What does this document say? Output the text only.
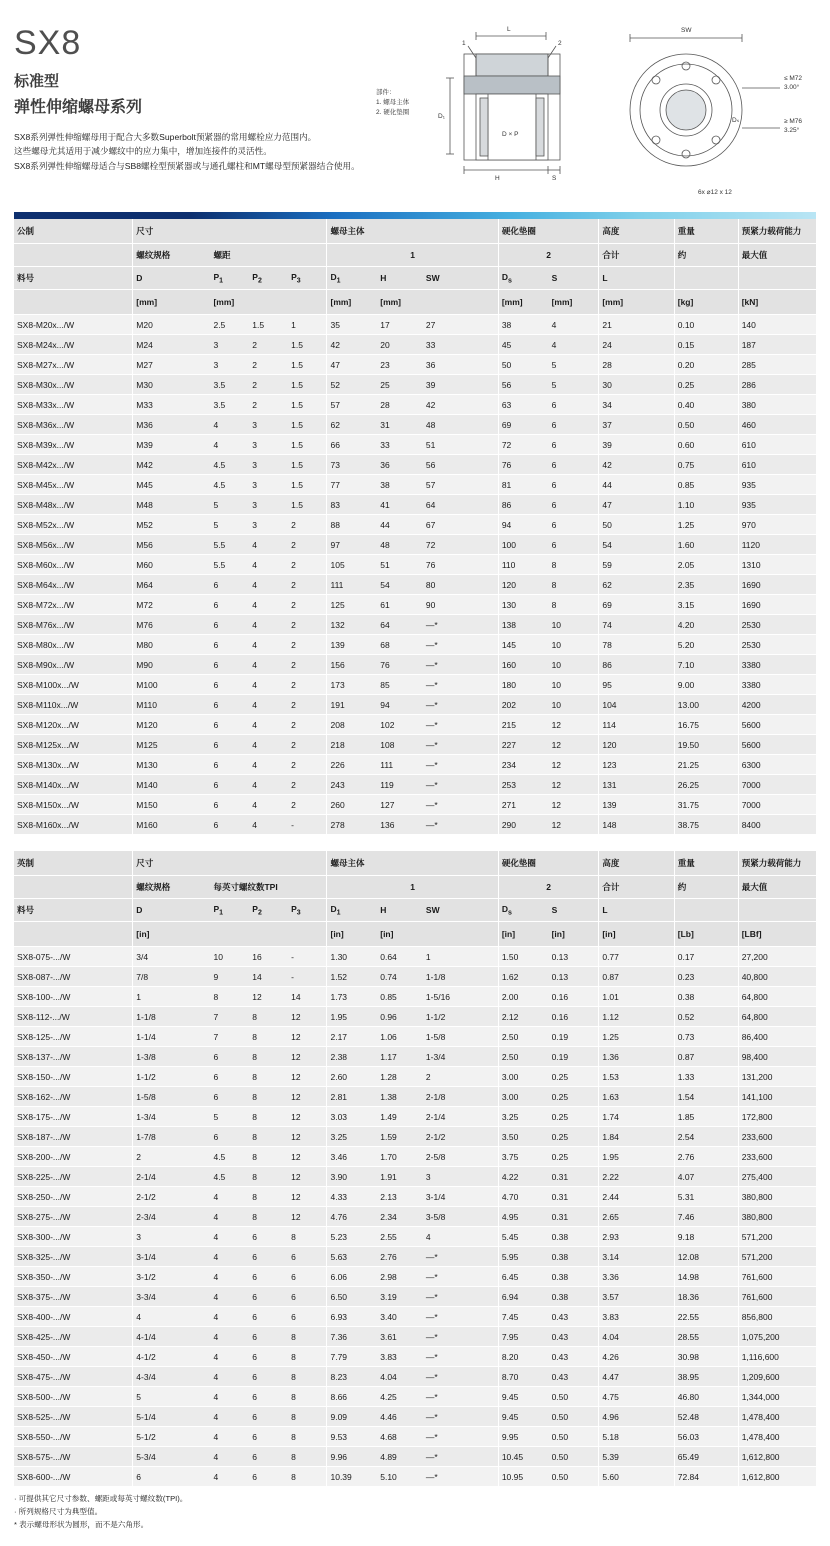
SX8
标准型
弹性伸缩螺母系列

SX8系列弹性伸缩螺母用于配合大多数Superbolt预紧器的常用螺栓应力范围内。

这些螺母尤其适用于减少螺纹中的应力集中，增加连接件的灵活性。

SX8系列弹性伸缩螺母适合与SB8螺栓型预紧器或与通孔螺柱和MT螺母型预紧器结合使用。

L	SW
1	2
H	S
D₁
D × P
Dₛ
6x ⌀12 x 12
≤ M72
3.00°
≥ M76
3.25°
部件：
1. 螺母主体
2. 硬化垫圈
公制	尺寸				螺母主体			硬化垫圈		高度	重量	预紧力载荷能力
	螺纹规格	螺距			1			2		合计	约	最大值
料号	D	$P_1$	$P_2$	$P_3$	$D_1$	H	SW	$D_s$	S	L		
	[mm]	[mm]			[mm]	[mm]		[mm]	[mm]	[mm]	[kg]	[kN]
SX8-M20x.../W	M20	2.5	1.5	1	35	17	27	38	4	21	0.10	140
SX8-M24x.../W	M24	3	2	1.5	42	20	33	45	4	24	0.15	187
SX8-M27x.../W	M27	3	2	1.5	47	23	36	50	5	28	0.20	285
SX8-M30x.../W	M30	3.5	2	1.5	52	25	39	56	5	30	0.25	286
SX8-M33x.../W	M33	3.5	2	1.5	57	28	42	63	6	34	0.40	380
SX8-M36x.../W	M36	4	3	1.5	62	31	48	69	6	37	0.50	460
SX8-M39x.../W	M39	4	3	1.5	66	33	51	72	6	39	0.60	610
SX8-M42x.../W	M42	4.5	3	1.5	73	36	56	76	6	42	0.75	610
SX8-M45x.../W	M45	4.5	3	1.5	77	38	57	81	6	44	0.85	935
SX8-M48x.../W	M48	5	3	1.5	83	41	64	86	6	47	1.10	935
SX8-M52x.../W	M52	5	3	2	88	44	67	94	6	50	1.25	970
SX8-M56x.../W	M56	5.5	4	2	97	48	72	100	6	54	1.60	1120
SX8-M60x.../W	M60	5.5	4	2	105	51	76	110	8	59	2.05	1310
SX8-M64x.../W	M64	6	4	2	111	54	80	120	8	62	2.35	1690
SX8-M72x.../W	M72	6	4	2	125	61	90	130	8	69	3.15	1690
SX8-M76x.../W	M76	6	4	2	132	64	—*	138	10	74	4.20	2530
SX8-M80x.../W	M80	6	4	2	139	68	—*	145	10	78	5.20	2530
SX8-M90x.../W	M90	6	4	2	156	76	—*	160	10	86	7.10	3380
SX8-M100x.../W	M100	6	4	2	173	85	—*	180	10	95	9.00	3380
SX8-M110x.../W	M110	6	4	2	191	94	—*	202	10	104	13.00	4200
SX8-M120x.../W	M120	6	4	2	208	102	—*	215	12	114	16.75	5600
SX8-M125x.../W	M125	6	4	2	218	108	—*	227	12	120	19.50	5600
SX8-M130x.../W	M130	6	4	2	226	111	—*	234	12	123	21.25	6300
SX8-M140x.../W	M140	6	4	2	243	119	—*	253	12	131	26.25	7000
SX8-M150x.../W	M150	6	4	2	260	127	—*	271	12	139	31.75	7000
SX8-M160x.../W	M160	6	4	-	278	136	—*	290	12	148	38.75	8400
英制	尺寸				螺母主体			硬化垫圈		高度	重量	预紧力载荷能力
	螺纹规格	每英寸螺纹数TPI			1			2		合计	约	最大值
料号	D	$P_1$	$P_2$	$P_3$	$D_1$	H	SW	$D_s$	S	L		
	[in]				[in]	[in]		[in]	[in]	[in]	[Lb]	[LBf]
SX8-075-.../W	3/4	10	16	-	1.30	0.64	1	1.50	0.13	0.77	0.17	27,200
SX8-087-.../W	7/8	9	14	-	1.52	0.74	1-1/8	1.62	0.13	0.87	0.23	40,800
SX8-100-.../W	1	8	12	14	1.73	0.85	1-5/16	2.00	0.16	1.01	0.38	64,800
SX8-112-.../W	1-1/8	7	8	12	1.95	0.96	1-1/2	2.12	0.16	1.12	0.52	64,800
SX8-125-.../W	1-1/4	7	8	12	2.17	1.06	1-5/8	2.50	0.19	1.25	0.73	86,400
SX8-137-.../W	1-3/8	6	8	12	2.38	1.17	1-3/4	2.50	0.19	1.36	0.87	98,400
SX8-150-.../W	1-1/2	6	8	12	2.60	1.28	2	3.00	0.25	1.53	1.33	131,200
SX8-162-.../W	1-5/8	6	8	12	2.81	1.38	2-1/8	3.00	0.25	1.63	1.54	141,100
SX8-175-.../W	1-3/4	5	8	12	3.03	1.49	2-1/4	3.25	0.25	1.74	1.85	172,800
SX8-187-.../W	1-7/8	6	8	12	3.25	1.59	2-1/2	3.50	0.25	1.84	2.54	233,600
SX8-200-.../W	2	4.5	8	12	3.46	1.70	2-5/8	3.75	0.25	1.95	2.76	233,600
SX8-225-.../W	2-1/4	4.5	8	12	3.90	1.91	3	4.22	0.31	2.22	4.07	275,400
SX8-250-.../W	2-1/2	4	8	12	4.33	2.13	3-1/4	4.70	0.31	2.44	5.31	380,800
SX8-275-.../W	2-3/4	4	8	12	4.76	2.34	3-5/8	4.95	0.31	2.65	7.46	380,800
SX8-300-.../W	3	4	6	8	5.23	2.55	4	5.45	0.38	2.93	9.18	571,200
SX8-325-.../W	3-1/4	4	6	6	5.63	2.76	—*	5.95	0.38	3.14	12.08	571,200
SX8-350-.../W	3-1/2	4	6	6	6.06	2.98	—*	6.45	0.38	3.36	14.98	761,600
SX8-375-.../W	3-3/4	4	6	6	6.50	3.19	—*	6.94	0.38	3.57	18.36	761,600
SX8-400-.../W	4	4	6	6	6.93	3.40	—*	7.45	0.43	3.83	22.55	856,800
SX8-425-.../W	4-1/4	4	6	8	7.36	3.61	—*	7.95	0.43	4.04	28.55	1,075,200
SX8-450-.../W	4-1/2	4	6	8	7.79	3.83	—*	8.20	0.43	4.26	30.98	1,116,600
SX8-475-.../W	4-3/4	4	6	8	8.23	4.04	—*	8.70	0.43	4.47	38.95	1,209,600
SX8-500-.../W	5	4	6	8	8.66	4.25	—*	9.45	0.50	4.75	46.80	1,344,000
SX8-525-.../W	5-1/4	4	6	8	9.09	4.46	—*	9.45	0.50	4.96	52.48	1,478,400
SX8-550-.../W	5-1/2	4	6	8	9.53	4.68	—*	9.95	0.50	5.18	56.03	1,478,400
SX8-575-.../W	5-3/4	4	6	8	9.96	4.89	—*	10.45	0.50	5.39	65.49	1,612,800
SX8-600-.../W	6	4	6	8	10.39	5.10	—*	10.95	0.50	5.60	72.84	1,612,800
· 可提供其它尺寸参数、螺距或每英寸螺纹数(TPI)。
· 所列规格尺寸为典型值。
* 表示螺母形状为圆形，而不是六角形。
